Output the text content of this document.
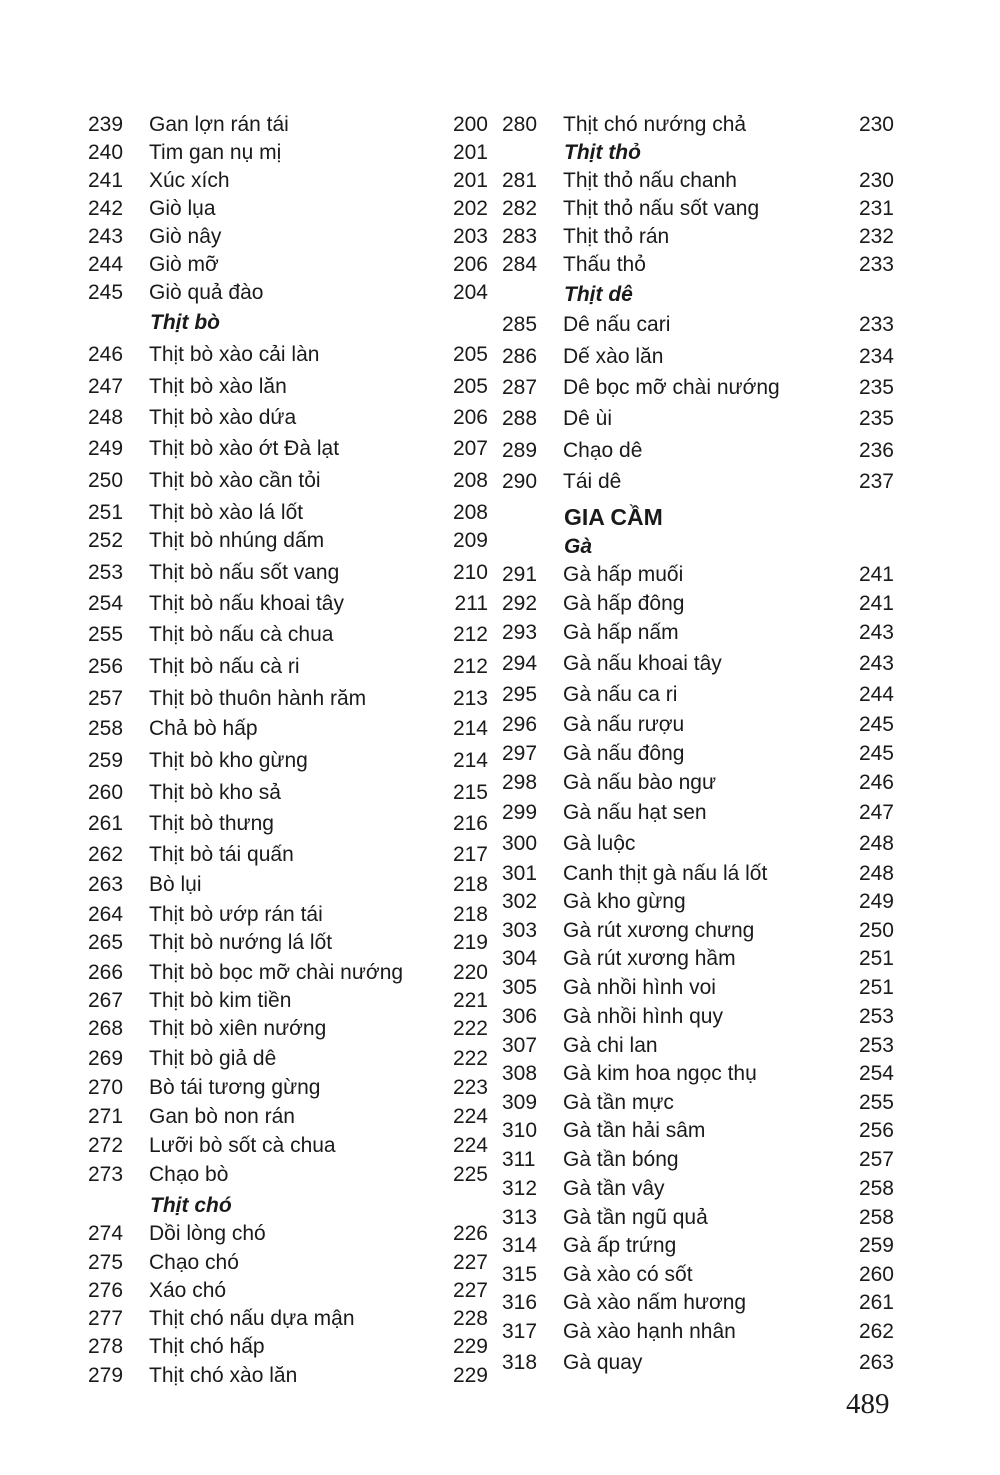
239 Gan lợn rán tái	200
240 Tim gan nụ mị	201
241 Xúc xích	201
242 Giò lụa	202
243 Giò nây	203
244 Giò mỡ	206
245 Giò quả đào	204
Thịt bò
246 Thịt bò xào cải làn	205
247 Thịt bò xào lăn	205
248 Thịt bò xào dứa	206
249 Thịt bò xào ớt Đà lạt	207
250 Thịt bò xào cần tỏi	208
251 Thịt bò xào lá lốt	208
252 Thịt bò nhúng dấm	209
253 Thịt bò nấu sốt vang	210
254 Thịt bò nấu khoai tây	211
255 Thịt bò nấu cà chua	212
256 Thịt bò nấu cà ri	212
257 Thịt bò thuôn hành răm	213
258 Chả bò hấp	214
259 Thịt bò kho gừng	214
260 Thịt bò kho sả	215
261 Thịt bò thưng	216
262 Thịt bò tái quấn	217
263 Bò lụi	218
264 Thịt bò ướp rán tái	218
265 Thịt bò nướng lá lốt	219
266 Thịt bò bọc mỡ chài nướng 220
267 Thịt bò kim tiền	221
268 Thịt bò xiên nướng	222
269 Thịt bò giả dê	222
270 Bò tái tương gừng	223
271 Gan bò non rán	224
272 Lưỡi bò sốt cà chua	224
273 Chạo bò	225
Thịt chó
274 Dồi lòng chó	226
275 Chạo chó	227
276 Xáo chó	227
277 Thịt chó nấu dựa mận	228
278 Thịt chó hấp	229
279 Thịt chó xào lăn	229
280 Thịt chó nướng chả	230
Thịt thỏ
281 Thịt thỏ nấu chanh	230
282 Thịt thỏ nấu sốt vang	231
283 Thịt thỏ rán	232
284 Thấu thỏ	233
Thịt dê
285 Dê nấu cari	233
286 Dế xào lăn	234
287 Dê bọc mỡ chài nướng	235
288 Dê ùi	235
289 Chạo dê	236
290 Tái dê	237
GIA CẦM
Gà
291 Gà hấp muối	241
292 Gà hấp đông	241
293 Gà hấp nấm	243
294 Gà nấu khoai tây	243
295 Gà nấu ca ri	244
296 Gà nấu rượu	245
297 Gà nấu đông	245
298 Gà nấu bào ngư	246
299 Gà nấu hạt sen	247
300 Gà luộc	248
301 Canh thịt gà nấu lá lốt	248
302 Gà kho gừng	249
303 Gà rút xương chưng	250
304 Gà rút xương hầm	251
305 Gà nhồi hình voi	251
306 Gà nhồi hình quy	253
307 Gà chi lan	253
308 Gà kim hoa ngọc thụ	254
309 Gà tần mực	255
310 Gà tần hải sâm	256
311 Gà tần bóng	257
312 Gà tần vây	258
313 Gà tần ngũ quả	258
314 Gà ấp trứng	259
315 Gà xào có sốt	260
316 Gà xào nấm hương	261
317 Gà xào hạnh nhân	262
318 Gà quay	263
489
